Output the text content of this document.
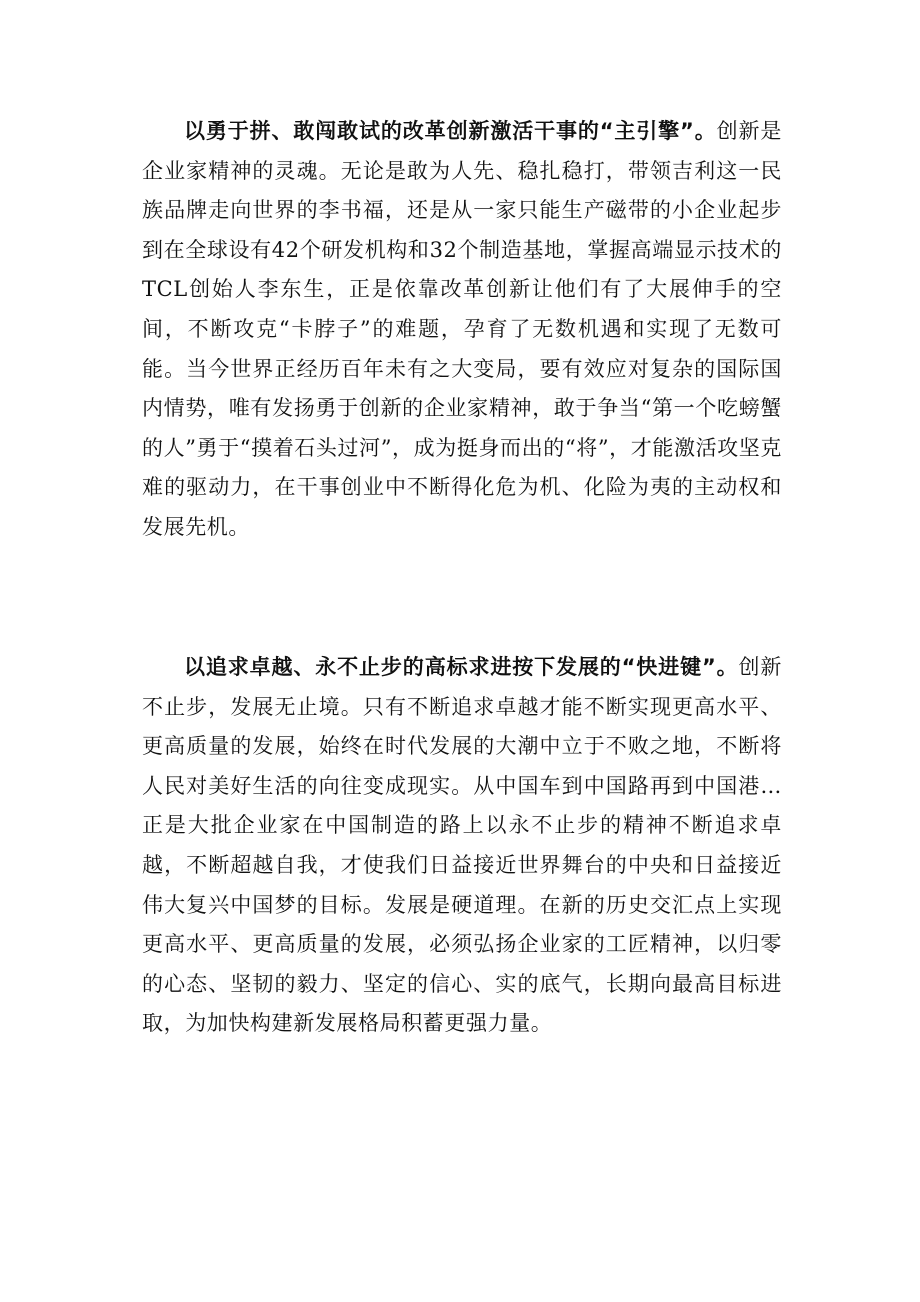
以勇于拼、敢闯敢试的改革创新激活干事的“主引擎”。创新是企业家精神的灵魂。无论是敢为人先、稳扎稳打，带领吉利这一民族品牌走向世界的李书福，还是从一家只能生产磁带的小企业起步到在全球设有42个研发机构和32个制造基地，掌握高端显示技术的TCL创始人李东生，正是依靠改革创新让他们有了大展伸手的空间，不断攻克“卡脖子”的难题，孕育了无数机遇和实现了无数可能。当今世界正经历百年未有之大变局，要有效应对复杂的国际国内情势，唯有发扬勇于创新的企业家精神，敢于争当“第一个吃螃蟹的人”勇于“摸着石头过河”，成为挺身而出的“将”，才能激活攻坚克难的驱动力，在干事创业中不断得化危为机、化险为夷的主动权和发展先机。

以追求卓越、永不止步的高标求进按下发展的“快进键”。创新不止步，发展无止境。只有不断追求卓越才能不断实现更高水平、更高质量的发展，始终在时代发展的大潮中立于不败之地，不断将人民对美好生活的向往变成现实。从中国车到中国路再到中国港…正是大批企业家在中国制造的路上以永不止步的精神不断追求卓越，不断超越自我，才使我们日益接近世界舞台的中央和日益接近伟大复兴中国梦的目标。发展是硬道理。在新的历史交汇点上实现更高水平、更高质量的发展，必须弘扬企业家的工匠精神，以归零的心态、坚韧的毅力、坚定的信心、实的底气，长期向最高目标进取，为加快构建新发展格局积蓄更强力量。
